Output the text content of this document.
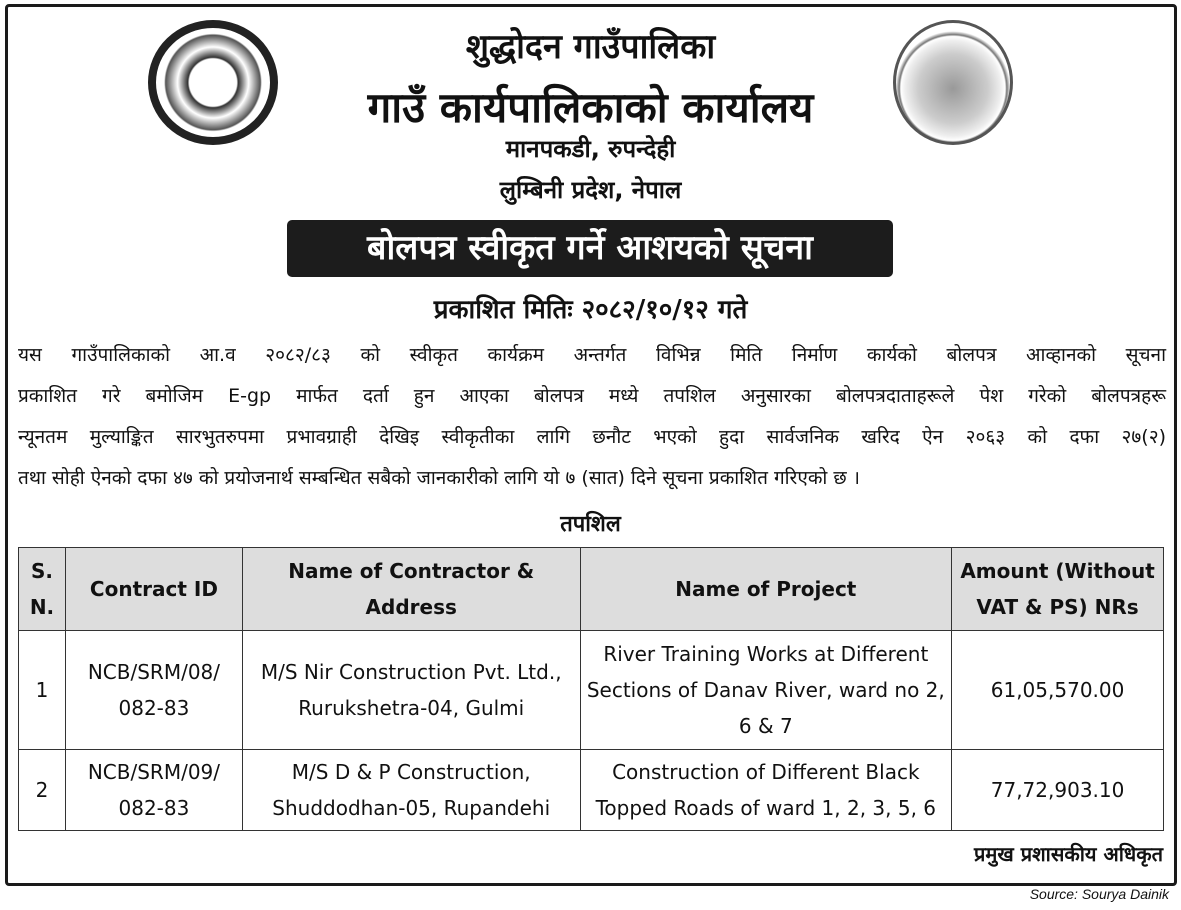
शुद्धोदन गाउँपालिका
गाउँ कार्यपालिकाको कार्यालय
मानपकडी, रुपन्देही
लुम्बिनी प्रदेश, नेपाल
बोलपत्र स्वीकृत गर्ने आशयको सूचना
प्रकाशित मितिः २०८२/१०/१२ गते

यस गाउँपालिकाको आ.व २०८२/८३ को स्वीकृत कार्यक्रम अन्तर्गत विभिन्न मिति निर्माण कार्यको बोलपत्र आव्हानको सूचना

प्रकाशित गरे बमोजिम E-gp मार्फत दर्ता हुन आएका बोलपत्र मध्ये तपशिल अनुसारका बोलपत्रदाताहरूले पेश गरेको बोलपत्रहरू

न्यूनतम मुल्याङ्कित सारभुतरुपमा प्रभावग्राही देखिइ स्वीकृतीका लागि छनौट भएको हुदा सार्वजनिक खरिद ऐन २०६३ को दफा २७(२)

तथा सोही ऐनको दफा ४७ को प्रयोजनार्थ सम्बन्धित सबैको जानकारीको लागि यो ७ (सात) दिने सूचना प्रकाशित गरिएको छ ।

तपशिल
S. N.	Contract ID	Name of Contractor & Address	Name of Project	Amount (Without VAT & PS) NRs
1	NCB/SRM/08/ 082-83	M/S Nir Construction Pvt. Ltd., Rurukshetra-04, Gulmi	River Training Works at Different Sections of Danav River, ward no 2, 6 & 7	61,05,570.00
2	NCB/SRM/09/ 082-83	M/S D & P Construction, Shuddodhan-05, Rupandehi	Construction of Different Black Topped Roads of ward 1, 2, 3, 5, 6	77,72,903.10
प्रमुख प्रशासकीय अधिकृत
Source: Sourya Dainik
